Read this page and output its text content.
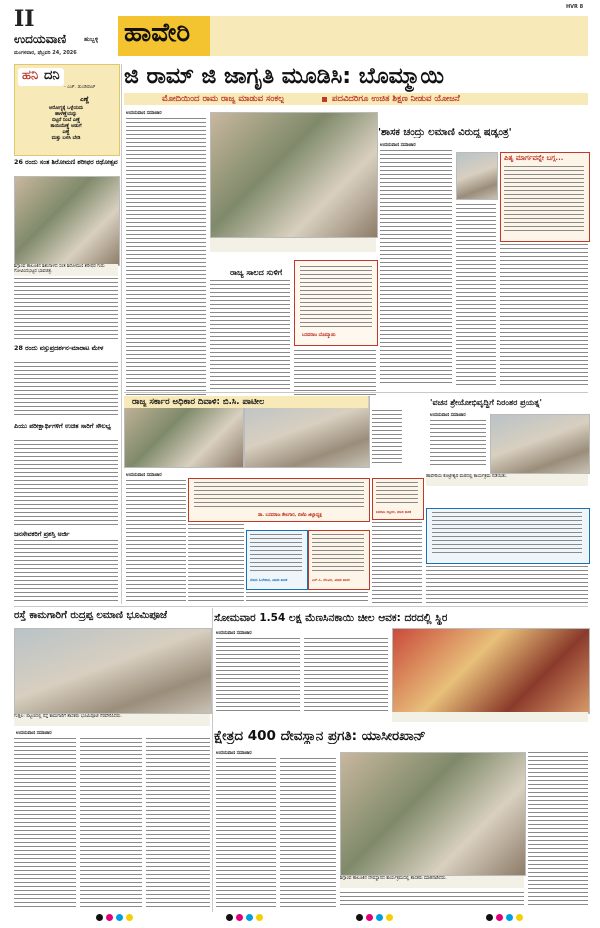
II
ಉದಯವಾಣಿ	ಹುಬ್ಬಳ್ಳಿ
ಮಂಗಳವಾರ, ಫೆಬ್ರವರಿ 24, 2026
ಹಾವೇರಿ
HVR 8
ಹನಿ ದನಿ
- ಎಚ್. ಡುಂಡಿರಾಜ್
ಎಣ್ಣೆ
ಆರೋಗ್ಯಕ್ಕೆ ಒಳ್ಳೆಯದು
ಹಾಳೆಣ್ಣೆಯನ್ನು
ಬಿಟ್ಟರೆ ನಿಂಬೆ ಎಣ್ಣೆ
ತಾಯಿಯೆಣ್ಣೆ ಅಡುಗೆ
ಎಣ್ಣೆ
ಮತ್ತು ಬಳಸಿ ಬೇಡಿ
26 ರಂದು ಸಂತ ಶಿರೋಮಣಿ ಶರೀಫರ ರಥೋತ್ಸವ
ಶಿಗ್ಗಾಂವ ತಾಲೂಕಿನ ಶಿಶುನಾಳದ ಸಂತ ಶಿರೋಮಣಿ ಶರೀಫರ ಗುರು ಗೋವಿಂದಭಟ್ಟರ ಭಾವಚಿತ್ರ.
28 ರಂದು ವಸ್ತುಪ್ರದರ್ಶನ-ಮಾರಾಟ ಮೇಳ
ಪಿಯು ಪರೀಕ್ಷಾರ್ಥಿಗಳಿಗೆ ಉಚಿತ ಸಾರಿಗೆ ಸೌಲಭ್ಯ
ಜನಸೇವಕರಿಗೆ ಪ್ರಶಸ್ತಿ ಅರ್ಜಿ
ಜಿ ರಾಮ್ ಜಿ ಜಾಗೃತಿ ಮೂಡಿಸಿ: ಬೊಮ್ಮಾಯಿ
ಮೋದಿಯಿಂದ ರಾಮ ರಾಜ್ಯ ಮಾಡುವ ಸಂಕಲ್ಪ	ಪದವಿದರಿಗೂ ಉಚಿತ ಶಿಕ್ಷಣ ನೀಡುವ ಯೋಜನೆ
ಉದಯವಾಣಿ ಸಮಾಚಾರ
ರಾಜ್ಯ ಸಾಲದ ಸುಳಿಗೆ
ಬಸವರಾಜ ಬೊಮ್ಮಾಯಿ
'ಶಾಸಕ ಚಂದ್ರು ಲಮಾಣಿ ವಿರುದ್ಧ ಷಡ್ಯಂತ್ರ'
ಉದಯವಾಣಿ ಸಮಾಚಾರ
ಪಿತೃ ಮಾರ್ಗವನ್ನೇ ಬಗ್ಗ...
ರಾಜ್ಯ ಸರ್ಕಾರ ಅಧಿಕಾರ ದಿವಾಳಿ: ಬಿ.ಸಿ. ಪಾಟೀಲ
ಉದಯವಾಣಿ ಸಮಾಚಾರ
ಡಾ. ಬಸವರಾಜ ಕೇಲಗಾರ, ಬಿಜೆಪಿ ಜಿಲ್ಲಾಧ್ಯಕ್ಷ
ನೆಹರು ಓಲೇಕಾರ, ಮಾಜಿ ಶಾಸಕ	ಎಸ್.ಸಿ. ನೆಲವಿಗಿ, ಮಾಜಿ ಶಾಸಕ
ಶಿವರಾಜ ಸಜ್ಜನರ, ಮಾಜಿ ಶಾಸಕ
'ವಚನ ಶ್ರೇಯೋಭಿವೃದ್ಧಿಗೆ ನಿರಂತರ ಪ್ರಯತ್ನ'
ಉದಯವಾಣಿ ಸಮಾಚಾರ
ಹಾವೇರಿಯ ಕೊಟ್ರೇಶ್ವರ ಮಠದಲ್ಲಿ ಕಾರ್ಯಕ್ರಮ ನಡೆಯಿತು.
ಸೋಮವಾರ 1.54 ಲಕ್ಷ ಮೆಣಸಿನಕಾಯಿ ಚೀಲ ಆವಕ: ದರದಲ್ಲಿ ಸ್ಥಿರ
ಉದಯವಾಣಿ ಸಮಾಚಾರ
ರಸ್ತೆ ಕಾಮಗಾರಿಗೆ ರುದ್ರಪ್ಪ ಲಮಾಣಿ ಭೂಮಿಪೂಜೆ
ಗುತ್ತಲ: ಪಟ್ಟಣದಲ್ಲಿ ರಸ್ತೆ ಕಾಮಗಾರಿಗೆ ಶಾಸಕರು ಭೂಮಿಪೂಜೆ ನೆರವೇರಿಸಿದರು.
ಉದಯವಾಣಿ ಸಮಾಚಾರ	ಕ್ಷೇತ್ರದ 400 ದೇವಸ್ಥಾನ ಪ್ರಗತಿ: ಯಾಸೀರಖಾನ್
ಉದಯವಾಣಿ ಸಮಾಚಾರ
ಶಿಗ್ಗಾಂವ ತಾಲೂಕಿನ ದೇವಸ್ಥಾನದ ಕಾರ್ಯಕ್ರಮದಲ್ಲಿ ಶಾಸಕರು ಮಾತನಾಡಿದರು.
